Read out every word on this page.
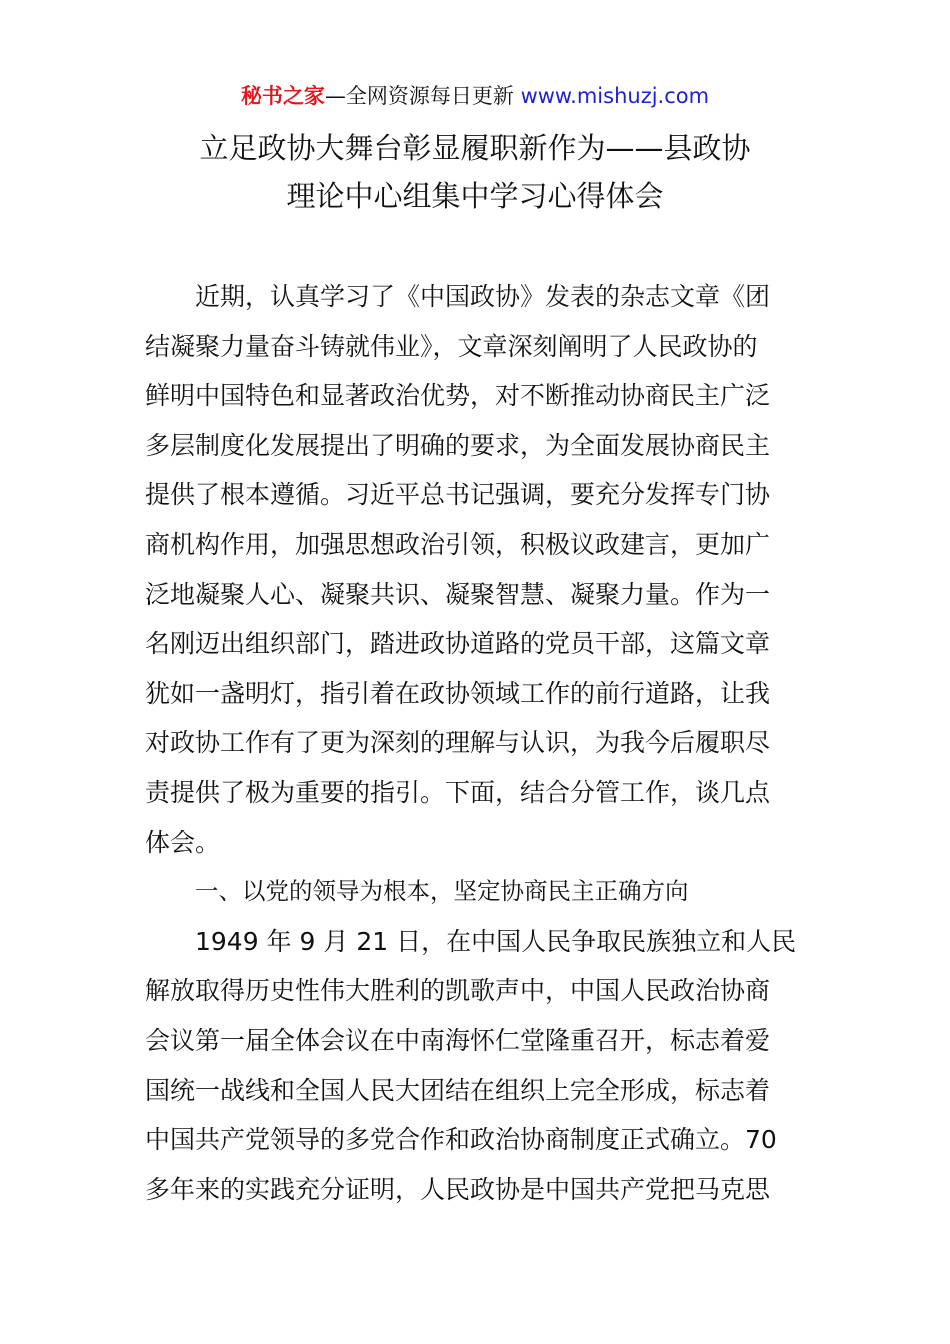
秘书之家—全网资源每日更新 www.mishuzj.com
立足政协大舞台彰显履职新作为——县政协
理论中心组集中学习心得体会
近期，认真学习了《中国政协》发表的杂志文章《团
结凝聚力量奋斗铸就伟业》，文章深刻阐明了人民政协的
鲜明中国特色和显著政治优势，对不断推动协商民主广泛
多层制度化发展提出了明确的要求，为全面发展协商民主
提供了根本遵循。习近平总书记强调，要充分发挥专门协
商机构作用，加强思想政治引领，积极议政建言，更加广
泛地凝聚人心、凝聚共识、凝聚智慧、凝聚力量。作为一
名刚迈出组织部门，踏进政协道路的党员干部，这篇文章
犹如一盏明灯，指引着在政协领域工作的前行道路，让我
对政协工作有了更为深刻的理解与认识，为我今后履职尽
责提供了极为重要的指引。下面，结合分管工作，谈几点
体会。
一、以党的领导为根本，坚定协商民主正确方向
1949 年 9 月 21 日，在中国人民争取民族独立和人民
解放取得历史性伟大胜利的凯歌声中，中国人民政治协商
会议第一届全体会议在中南海怀仁堂隆重召开，标志着爱
国统一战线和全国人民大团结在组织上完全形成，标志着
中国共产党领导的多党合作和政治协商制度正式确立。70
多年来的实践充分证明，人民政协是中国共产党把马克思
